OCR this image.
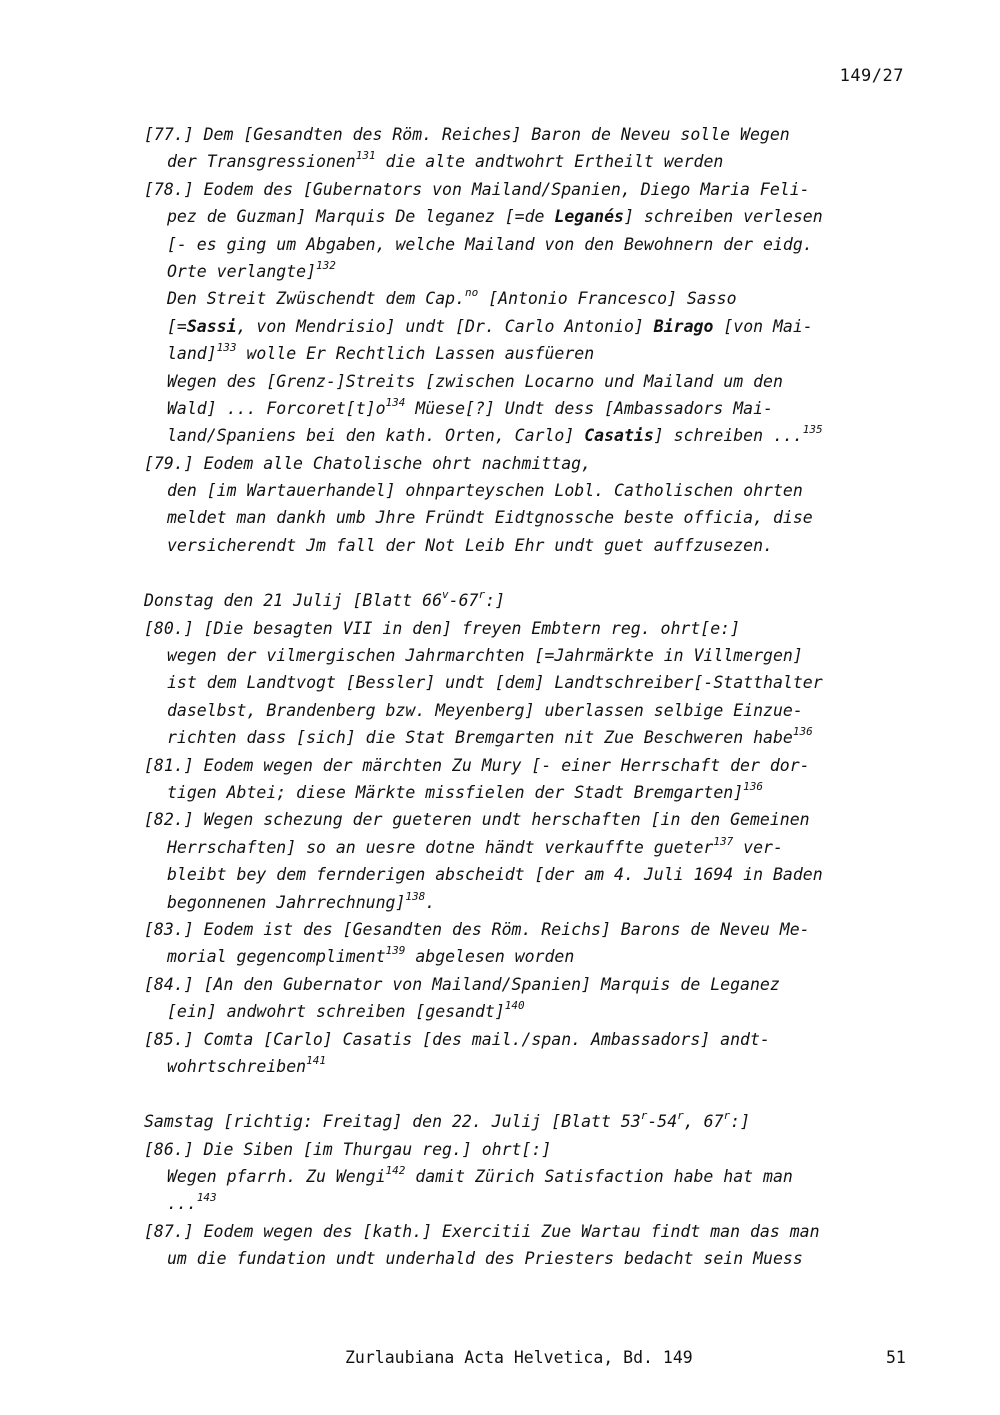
149/27
[77.] Dem [Gesandten des Röm. Reiches] Baron de Neveu solle Wegen
der Transgressionen$^{131}$ die alte andtwohrt Ertheilt werden
[78.] Eodem des [Gubernators von Mailand/Spanien, Diego Maria Feli-
pez de Guzman] Marquis De leganez [=de Leganés] schreiben verlesen
[- es ging um Abgaben, welche Mailand von den Bewohnern der eidg.
Orte verlangte]$^{132}$
Den Streit Zwüschendt dem Cap.$^{no}$ [Antonio Francesco] Sasso
[=Sassi, von Mendrisio] undt [Dr. Carlo Antonio] Birago [von Mai-
land]$^{133}$ wolle Er Rechtlich Lassen ausfüeren
Wegen des [Grenz-]Streits [zwischen Locarno und Mailand um den
Wald] ... $Forcoret[t]o^{134}$ Müese[?] Undt dess [Ambassadors Mai-
land/Spaniens bei den kath. Orten, Carlo] Casatis] schreiben ...$^{135}$
[79.] Eodem alle Chatolische ohrt nachmittag,
den [im Wartauerhandel] ohnparteyschen Lobl. Catholischen ohrten
meldet man dankh umb Jhre Fründt Eidtgnossche beste officia, dise
versicherendt Jm fall der Not Leib Ehr undt guet auffzusezen.
Donstag den 21 Julij [Blatt 66$^v$-67$^r$:]
[80.] [Die besagten VII in den] freyen Embtern reg. ohrt[e:]
wegen der vilmergischen Jahrmarchten [=Jahrmärkte in Villmergen]
ist dem Landtvogt [Bessler] undt [dem] Landtschreiber[-Statthalter
daselbst, Brandenberg bzw. Meyenberg] uberlassen selbige Einzue-
richten dass [sich] die Stat Bremgarten nit Zue Beschweren habe$^{136}$
[81.] Eodem wegen der märchten Zu Mury [- einer Herrschaft der dor-
tigen Abtei; diese Märkte missfielen der Stadt Bremgarten]$^{136}$
[82.] Wegen schezung der gueteren undt herschaften [in den Gemeinen
Herrschaften] so an uesre dotne händt verkauffte gueter$^{137}$ ver-
bleibt bey dem fernderigen abscheidt [der am 4. Juli 1694 in Baden
begonnenen Jahrrechnung]$^{138}$.
[83.] Eodem ist des [Gesandten des Röm. Reichs] Barons de Neveu Me-
morial gegencompliment$^{139}$ abgelesen worden
[84.] [An den Gubernator von Mailand/Spanien] Marquis de Leganez
[ein] andwohrt schreiben [gesandt]$^{140}$
[85.] Comta [Carlo] Casatis [des mail./span. Ambassadors] andt-
wohrtschreiben$^{141}$
Samstag [richtig: Freitag] den 22. Julij [Blatt 53$^r$-54$^r$, 67$^r$:]
[86.] Die Siben [im Thurgau reg.] ohrt[:]
Wegen pfarrh. Zu Wengi$^{142}$ damit Zürich Satisfaction habe hat man
...$^{143}$
[87.] Eodem wegen des [kath.] Exercitii Zue Wartau findt man das man
um die fundation undt underhald des Priesters bedacht sein Muess
Zurlaubiana Acta Helvetica, Bd. 149	51
